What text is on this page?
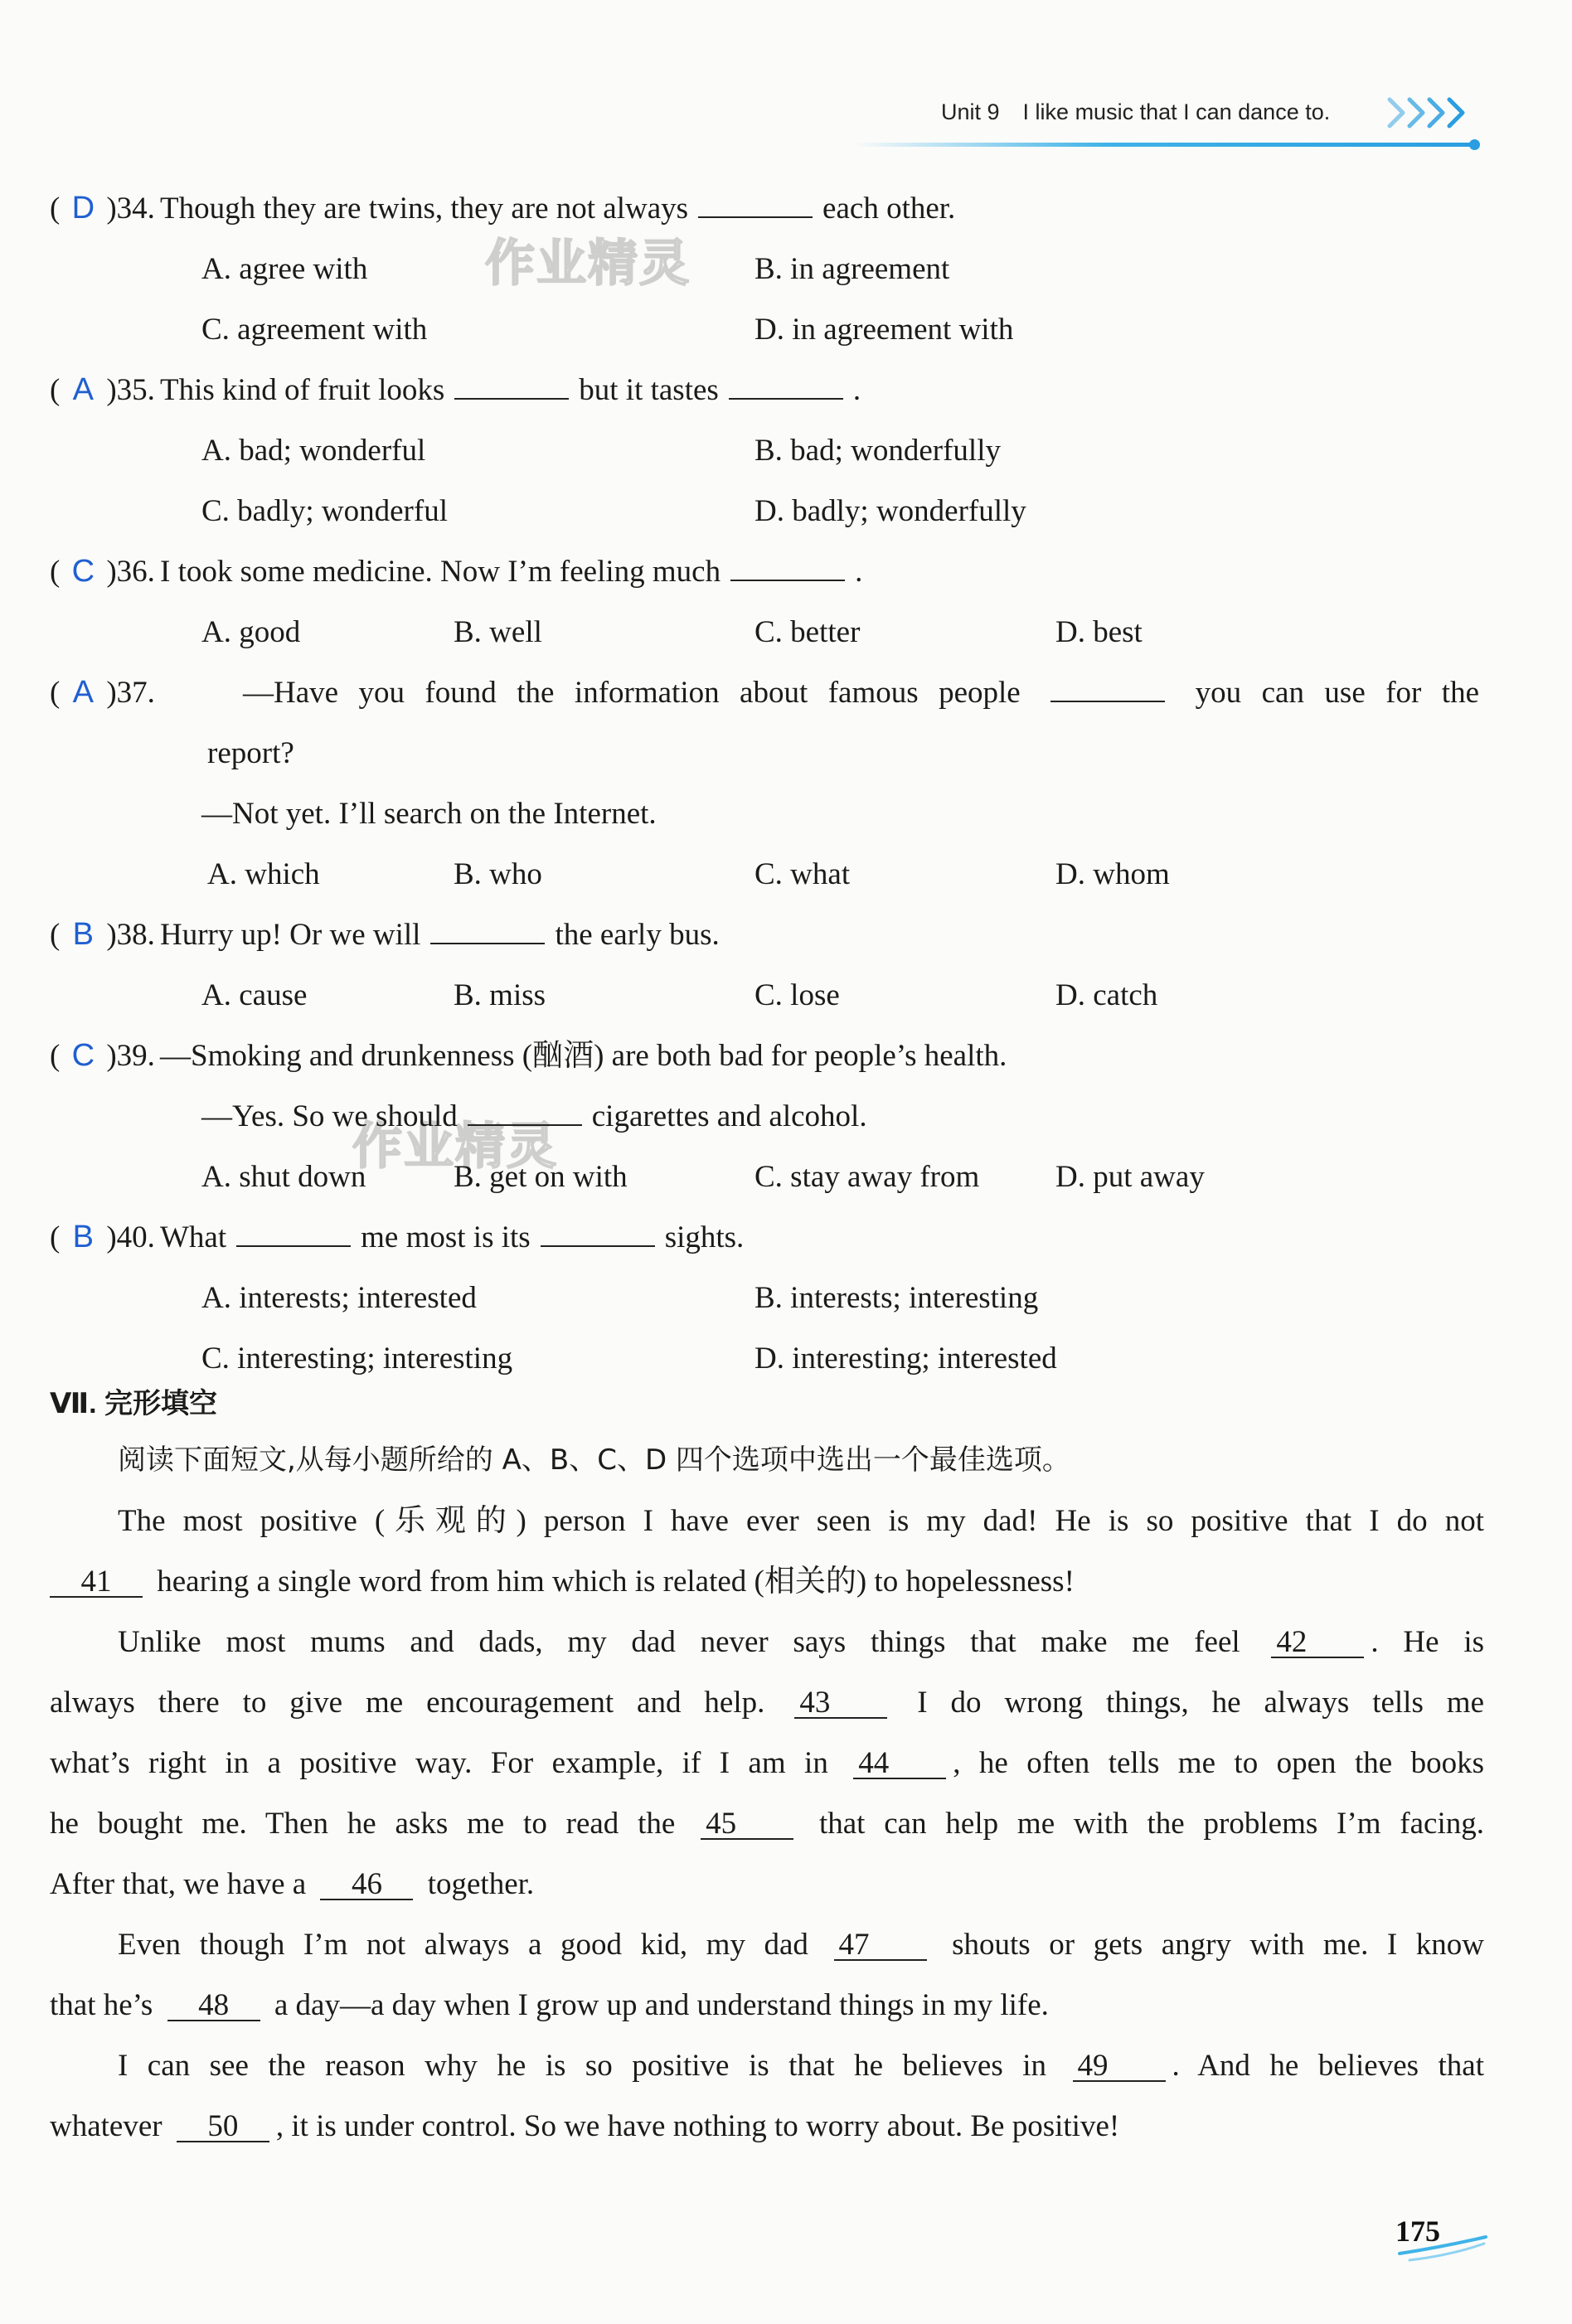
Unit 9 I like music that I can dance to.
作业精灵
作业精灵
( D )34. Though they are twins, they are not always	each other.
A. agree with	B. in agreement
C. agreement with	D. in agreement with
( A )35. This kind of fruit looks	but it tastes	.
A. bad; wonderful	B. bad; wonderfully
C. badly; wonderful	D. badly; wonderfully
( C )36. I took some medicine. Now I’m feeling much	.
A. good	B. well	C. better	D. best
( A )37.	—Have you found the information about famous people	you can use for the
report?
—Not yet. I’ll search on the Internet.
A. which	B. who	C. what	D. whom
( B )38. Hurry up! Or we will	the early bus.
A. cause	B. miss	C. lose	D. catch
( C )39. —Smoking and drunkenness (酗酒) are both bad for people’s health.
—Yes. So we should	cigarettes and alcohol.
A. shut down	B. get on with	C. stay away from D. put away
( B )40. What	me most is its	sights.
A. interests; interested	B. interests; interesting
C. interesting; interesting	D. interesting; interested
Ⅶ. 完形填空
阅读下面短文,从每小题所给的 A、B、C、D 四个选项中选出一个最佳选项。
The most positive (乐观的) person I have ever seen is my dad! He is so positive that I do not
41 hearing a single word from him which is related (相关的) to hopelessness!
Unlike most mums and dads, my dad never says things that make me feel 42 . He is
always there to give me encouragement and help. 43	I do wrong things, he always tells me
what’s right in a positive way. For example, if I am in 44 , he often tells me to open the books
he bought me. Then he asks me to read the 45	that can help me with the problems I’m facing.
After that, we have a 46 together.
Even though I’m not always a good kid, my dad 47	shouts or gets angry with me. I know
that he’s 48 a day—a day when I grow up and understand things in my life.
I can see the reason why he is so positive is that he believes in 49 . And he believes that
whatever 50 , it is under control. So we have nothing to worry about. Be positive!
175
